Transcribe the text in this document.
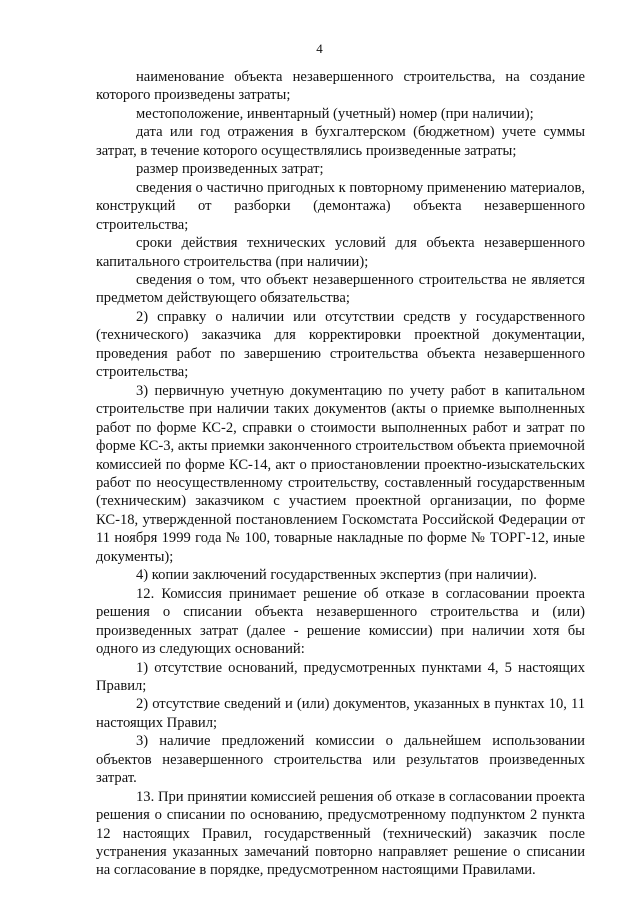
4

наименование объекта незавершенного строительства, на создание которого произведены затраты;

местоположение, инвентарный (учетный) номер (при наличии);

дата или год отражения в бухгалтерском (бюджетном) учете суммы затрат, в течение которого осуществлялись произведенные затраты;

размер произведенных затрат;

сведения о частично пригодных к повторному применению материалов, конструкций от разборки (демонтажа) объекта незавершенного строительства;

сроки действия технических условий для объекта незавершенного капитального строительства (при наличии);

сведения о том, что объект незавершенного строительства не является предметом действующего обязательства;

2) справку о наличии или отсутствии средств у государственного (технического) заказчика для корректировки проектной документации, проведения работ по завершению строительства объекта незавершенного строительства;

3) первичную учетную документацию по учету работ в капитальном строительстве при наличии таких документов (акты о приемке выполненных работ по форме КС-2, справки о стоимости выполненных работ и затрат по форме КС-3, акты приемки законченного строительством объекта приемочной комиссией по форме КС-14, акт о приостановлении проектно-изыскательских работ по неосуществленному строительству, составленный государственным (техническим) заказчиком с участием проектной организации, по форме КС-18, утвержденной постановлением Госкомстата Российской Федерации от 11 ноября 1999 года № 100, товарные накладные по форме № ТОРГ-12, иные документы);

4) копии заключений государственных экспертиз (при наличии).

12. Комиссия принимает решение об отказе в согласовании проекта решения о списании объекта незавершенного строительства и (или) произведенных затрат (далее - решение комиссии) при наличии хотя бы одного из следующих оснований:

1) отсутствие оснований, предусмотренных пунктами 4, 5 настоящих Правил;

2) отсутствие сведений и (или) документов, указанных в пунктах 10, 11 настоящих Правил;

3) наличие предложений комиссии о дальнейшем использовании объектов незавершенного строительства или результатов произведенных затрат.

13. При принятии комиссией решения об отказе в согласовании проекта решения о списании по основанию, предусмотренному подпунктом 2 пункта 12 настоящих Правил, государственный (технический) заказчик после устранения указанных замечаний повторно направляет решение о списании на согласование в порядке, предусмотренном настоящими Правилами.
